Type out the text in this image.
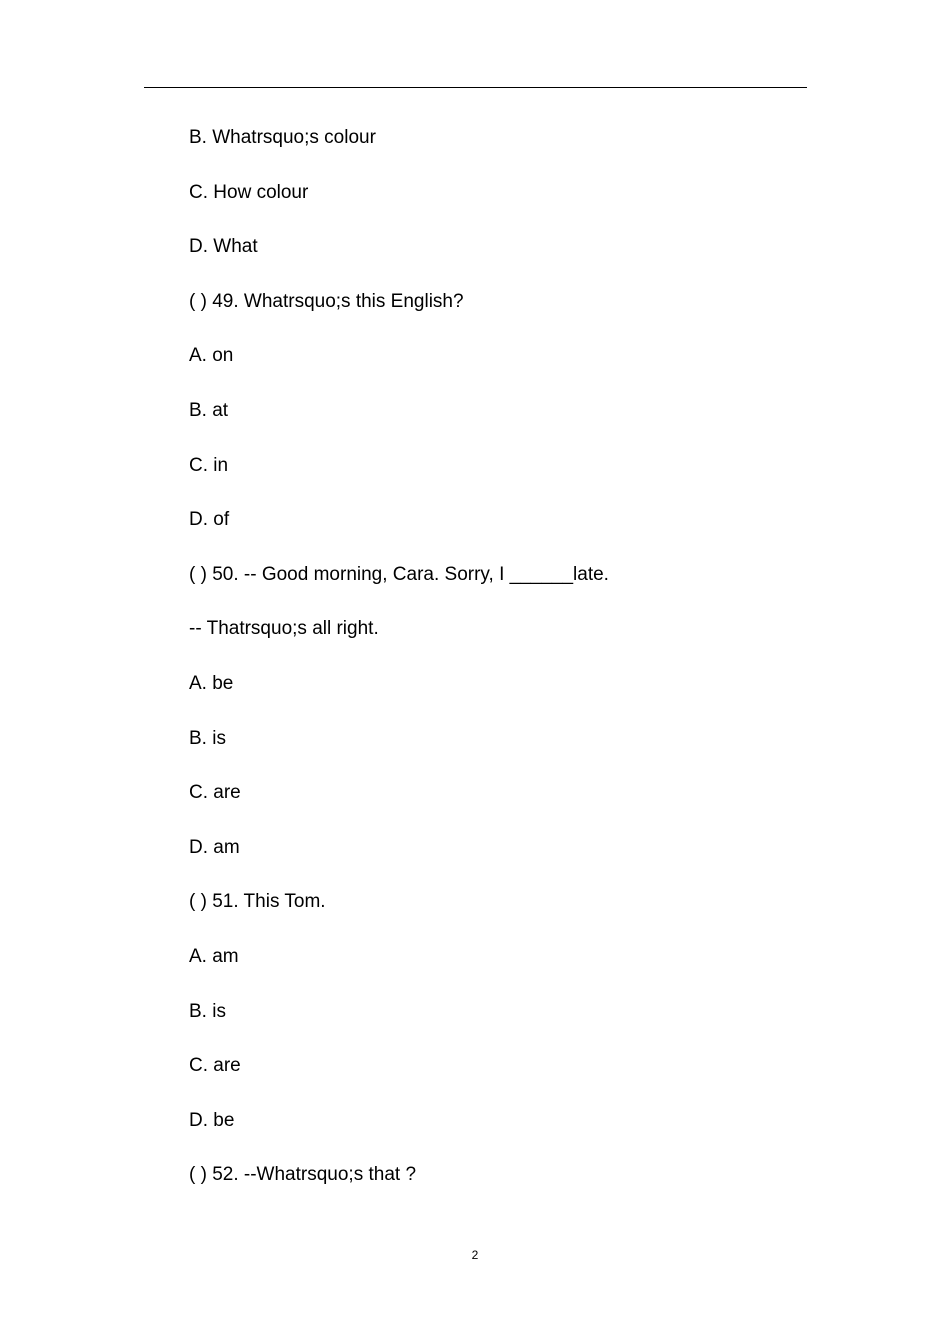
B. Whatrsquo;s colour
C. How colour
D. What
( ) 49. Whatrsquo;s this English?
A. on
B. at
C. in
D. of
( ) 50. -- Good morning, Cara. Sorry, I ______late.
-- Thatrsquo;s all right.
A. be
B. is
C. are
D. am
( ) 51. This Tom.
A. am
B. is
C. are
D. be
( ) 52. --Whatrsquo;s that ?
2
